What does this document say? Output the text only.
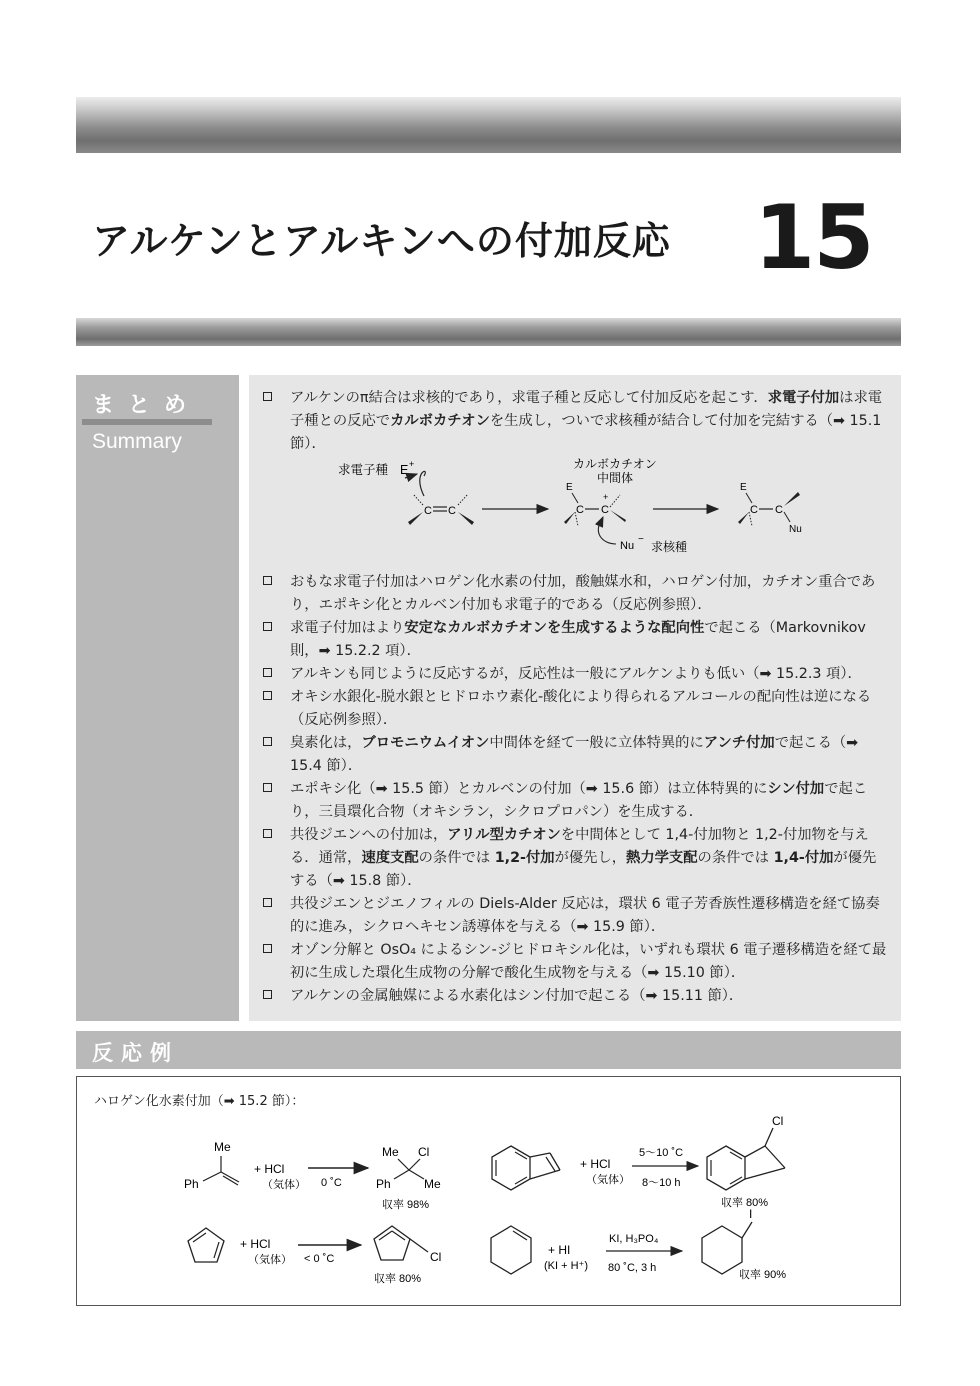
アルケンとアルキンへの付加反応 15
まとめ
Summary
アルケンのπ結合は求核的であり，求電子種と反応して付加反応を起こす．求電子付加は求電子種との反応でカルボカチオンを生成し，ついで求核種が結合して付加を完結する（➡ 15.1 節）．
求電子種 E +
C C
カルボカチオン
中間体
E
C C
+
Nu
−
求核種
E
C C
Nu
おもな求電子付加はハロゲン化水素の付加，酸触媒水和，ハロゲン付加，カチオン重合であり，エポキシ化とカルベン付加も求電子的である（反応例参照）．
求電子付加はより安定なカルボカチオンを生成するような配向性で起こる（Markovnikov 則，➡ 15.2.2 項）．
アルキンも同じように反応するが，反応性は一般にアルケンよりも低い（➡ 15.2.3 項）．
オキシ水銀化-脱水銀とヒドロホウ素化-酸化により得られるアルコールの配向性は逆になる（反応例参照）．
臭素化は，ブロモニウムイオン中間体を経て一般に立体特異的にアンチ付加で起こる（➡ 15.4 節）．
エポキシ化（➡ 15.5 節）とカルベンの付加（➡ 15.6 節）は立体特異的にシン付加で起こり，三員環化合物（オキシラン，シクロプロパン）を生成する．
共役ジエンへの付加は，アリル型カチオンを中間体として 1,4-付加物と 1,2-付加物を与える．通常，速度支配の条件では 1,2-付加が優先し，熱力学支配の条件では 1,4-付加が優先する（➡ 15.8 節）．
共役ジエンとジエノフィルの Diels-Alder 反応は，環状 6 電子芳香族性遷移構造を経て協奏的に進み，シクロヘキセン誘導体を与える（➡ 15.9 節）．
オゾン分解と OsO₄ によるシン-ジヒドロキシル化は，いずれも環状 6 電子遷移構造を経て最初に生成した環化生成物の分解で酸化生成物を与える（➡ 15.10 節）．
アルケンの金属触媒による水素化はシン付加で起こる（➡ 15.11 節）．
反応例
ハロゲン化水素付加（➡ 15.2 節）：
Me
Ph
+ HCl
（気体） 0 ˚C
Me Cl
Ph	Me
収率 98%
+ HCl
（気体）
5〜10 ˚C
8〜10 h
Cl
収率 80%
+ HCl
（気体） < 0 ˚C	Cl
収率 80%
+ HI
(KI + H⁺)
KI, H₃PO₄
80 ˚C, 3 h
I
収率 90%
